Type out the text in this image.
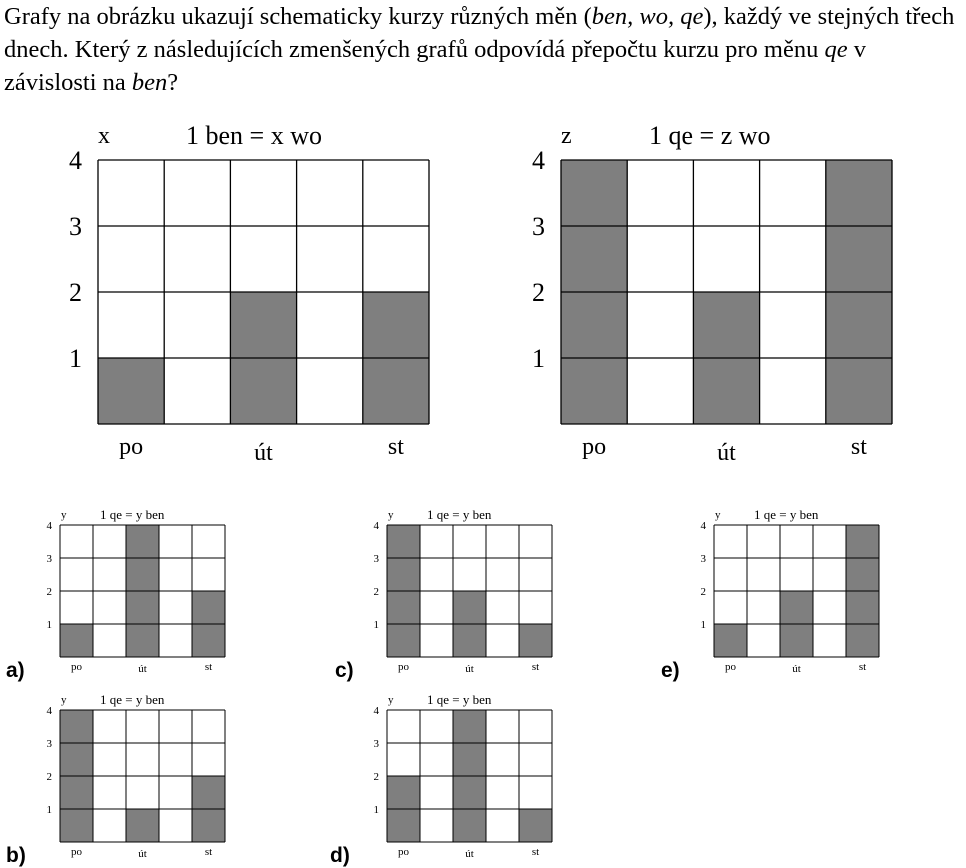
Grafy na obrázku ukazují schematicky kurzy různých měn (ben, wo, qe), každý ve stejných třech dnech. Který z následujících zmenšených grafů odpovídá přepočtu kurzu pro měnu qe v závislosti na ben?

1
2
3
4
po	út	st
x	1 ben = x wo
1
2
3
4
po	út	st
z	1 qe = z wo
1
2
3
4
po	út	st
y	1 qe = y ben
a)
1
2
3
4
po	út	st
y	1 qe = y ben
c)
1
2
3
4
po	út	st
y	1 qe = y ben
e)
1
2
3
4
po	út	st
y	1 qe = y ben
b)
1
2
3
4
po	út	st
y	1 qe = y ben
d)
